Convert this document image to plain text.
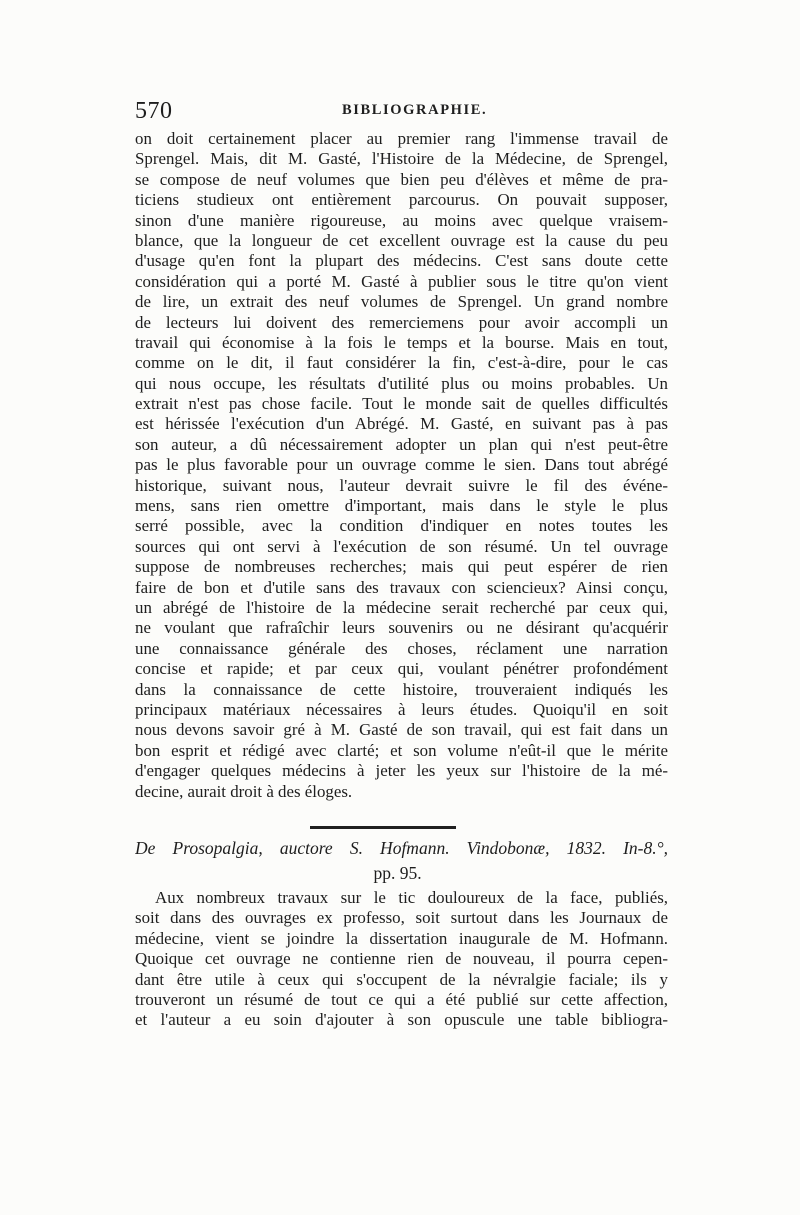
570	BIBLIOGRAPHIE.
on doit certainement placer au premier rang l'immense travail de
Sprengel. Mais, dit M. Gasté, l'Histoire de la Médecine, de Sprengel,
se compose de neuf volumes que bien peu d'élèves et même de pra-
ticiens studieux ont entièrement parcourus. On pouvait supposer,
sinon d'une manière rigoureuse, au moins avec quelque vraisem-
blance, que la longueur de cet excellent ouvrage est la cause du peu
d'usage qu'en font la plupart des médecins. C'est sans doute cette
considération qui a porté M. Gasté à publier sous le titre qu'on vient
de lire, un extrait des neuf volumes de Sprengel. Un grand nombre
de lecteurs lui doivent des remerciemens pour avoir accompli un
travail qui économise à la fois le temps et la bourse. Mais en tout,
comme on le dit, il faut considérer la fin, c'est-à-dire, pour le cas
qui nous occupe, les résultats d'utilité plus ou moins probables. Un
extrait n'est pas chose facile. Tout le monde sait de quelles difficultés
est hérissée l'exécution d'un Abrégé. M. Gasté, en suivant pas à pas
son auteur, a dû nécessairement adopter un plan qui n'est peut-être
pas le plus favorable pour un ouvrage comme le sien. Dans tout abrégé
historique, suivant nous, l'auteur devrait suivre le fil des événe-
mens, sans rien omettre d'important, mais dans le style le plus
serré possible, avec la condition d'indiquer en notes toutes les
sources qui ont servi à l'exécution de son résumé. Un tel ouvrage
suppose de nombreuses recherches; mais qui peut espérer de rien
faire de bon et d'utile sans des travaux con sciencieux? Ainsi conçu,
un abrégé de l'histoire de la médecine serait recherché par ceux qui,
ne voulant que rafraîchir leurs souvenirs ou ne désirant qu'acquérir
une connaissance générale des choses, réclament une narration
concise et rapide; et par ceux qui, voulant pénétrer profondément
dans la connaissance de cette histoire, trouveraient indiqués les
principaux matériaux nécessaires à leurs études. Quoiqu'il en soit
nous devons savoir gré à M. Gasté de son travail, qui est fait dans un
bon esprit et rédigé avec clarté; et son volume n'eût-il que le mérite
d'engager quelques médecins à jeter les yeux sur l'histoire de la mé-
decine, aurait droit à des éloges.
De Prosopalgia, auctore S. Hofmann. Vindobonæ, 1832. In-8.°,
pp. 95.
Aux nombreux travaux sur le tic douloureux de la face, publiés,
soit dans des ouvrages ex professo, soit surtout dans les Journaux de
médecine, vient se joindre la dissertation inaugurale de M. Hofmann.
Quoique cet ouvrage ne contienne rien de nouveau, il pourra cepen-
dant être utile à ceux qui s'occupent de la névralgie faciale; ils y
trouveront un résumé de tout ce qui a été publié sur cette affection,
et l'auteur a eu soin d'ajouter à son opuscule une table bibliogra-
